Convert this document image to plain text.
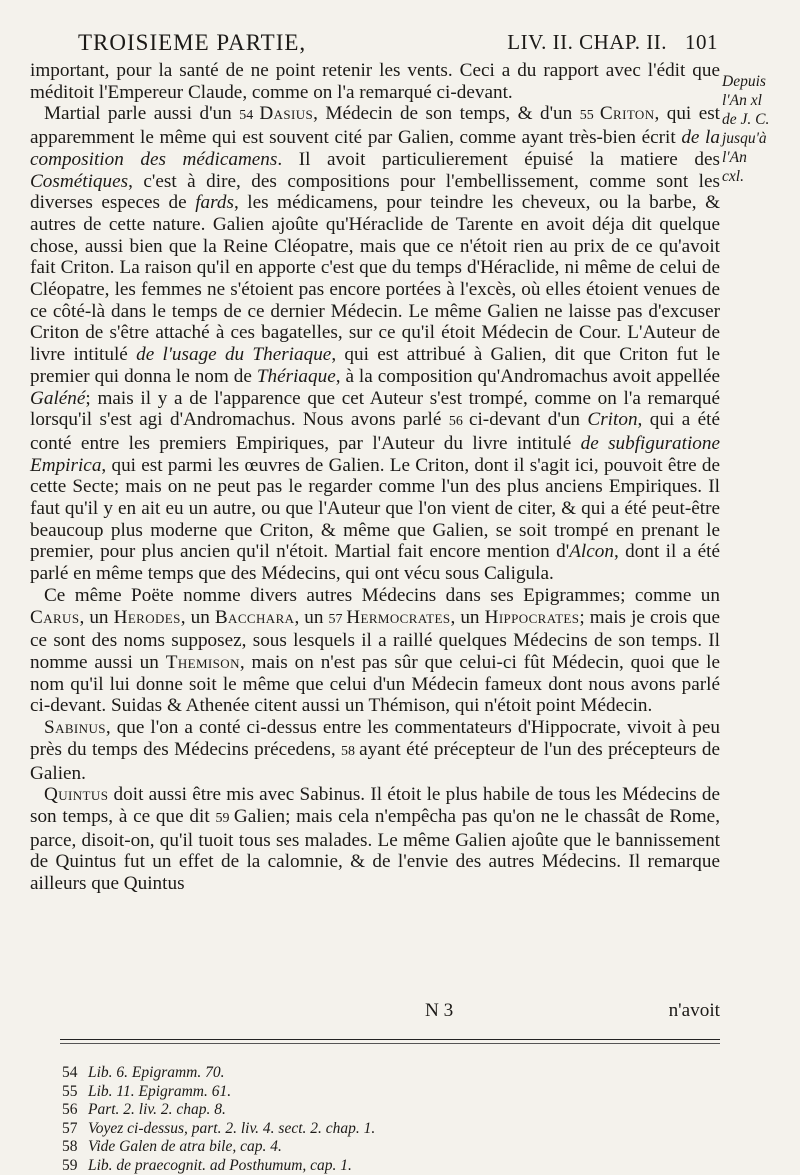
TROISIEME PARTIE,	LIV. II. CHAP. II. 101
Depuis
l'An xl
de J. C.
jusqu'à
l'An
cxl.

important, pour la santé de ne point retenir les vents. Ceci a du rapport avec l'édit que méditoit l'Empereur Claude, comme on l'a remarqué ci-devant.

Martial parle aussi d'un 54 Dasius, Médecin de son temps, & d'un 55 Criton, qui est apparemment le même qui est souvent cité par Galien, comme ayant très-bien écrit de la composition des médicamens. Il avoit particulierement épuisé la matiere des Cosmétiques, c'est à dire, des compositions pour l'embellissement, comme sont les diverses especes de fards, les médicamens, pour teindre les cheveux, ou la barbe, & autres de cette nature. Galien ajoûte qu'Héraclide de Tarente en avoit déja dit quelque chose, aussi bien que la Reine Cléopatre, mais que ce n'étoit rien au prix de ce qu'avoit fait Criton. La raison qu'il en apporte c'est que du temps d'Héraclide, ni même de celui de Cléopatre, les femmes ne s'étoient pas encore portées à l'excès, où elles étoient venues de ce côté-là dans le temps de ce dernier Médecin. Le même Galien ne laisse pas d'excuser Criton de s'être attaché à ces bagatelles, sur ce qu'il étoit Médecin de Cour. L'Auteur de livre intitulé de l'usage du Theriaque, qui est attribué à Galien, dit que Criton fut le premier qui donna le nom de Thériaque, à la composition qu'Andromachus avoit appellée Galéné; mais il y a de l'apparence que cet Auteur s'est trompé, comme on l'a remarqué lorsqu'il s'est agi d'Andromachus. Nous avons parlé 56 ci-devant d'un Criton, qui a été conté entre les premiers Empiriques, par l'Auteur du livre intitulé de subfiguratione Empirica, qui est parmi les œuvres de Galien. Le Criton, dont il s'agit ici, pouvoit être de cette Secte; mais on ne peut pas le regarder comme l'un des plus anciens Empiriques. Il faut qu'il y en ait eu un autre, ou que l'Auteur que l'on vient de citer, & qui a été peut-être beaucoup plus moderne que Criton, & même que Galien, se soit trompé en prenant le premier, pour plus ancien qu'il n'étoit. Martial fait encore mention d'Alcon, dont il a été parlé en même temps que des Médecins, qui ont vécu sous Caligula.

Ce même Poëte nomme divers autres Médecins dans ses Epigrammes; comme un Carus, un Herodes, un Bacchara, un 57 Hermocrates, un Hippocrates; mais je crois que ce sont des noms supposez, sous lesquels il a raillé quelques Médecins de son temps. Il nomme aussi un Themison, mais on n'est pas sûr que celui-ci fût Médecin, quoi que le nom qu'il lui donne soit le même que celui d'un Médecin fameux dont nous avons parlé ci-devant. Suidas & Athenée citent aussi un Thémison, qui n'étoit point Médecin.

Sabinus, que l'on a conté ci-dessus entre les commentateurs d'Hippocrate, vivoit à peu près du temps des Médecins précedens, 58 ayant été précepteur de l'un des précepteurs de Galien.

Quintus doit aussi être mis avec Sabinus. Il étoit le plus habile de tous les Médecins de son temps, à ce que dit 59 Galien; mais cela n'empêcha pas qu'on ne le chassât de Rome, parce, disoit-on, qu'il tuoit tous ses malades. Le même Galien ajoûte que le bannissement de Quintus fut un effet de la calomnie, & de l'envie des autres Médecins. Il remarque ailleurs que Quintus

N 3	n'avoit
54 Lib. 6. Epigramm. 70.
55 Lib. 11. Epigramm. 61.
56 Part. 2. liv. 2. chap. 8.
57 Voyez ci-dessus, part. 2. liv. 4. sect. 2. chap. 1.
58 Vide Galen de atra bile, cap. 4.
59 Lib. de praecognit. ad Posthumum, cap. 1.
